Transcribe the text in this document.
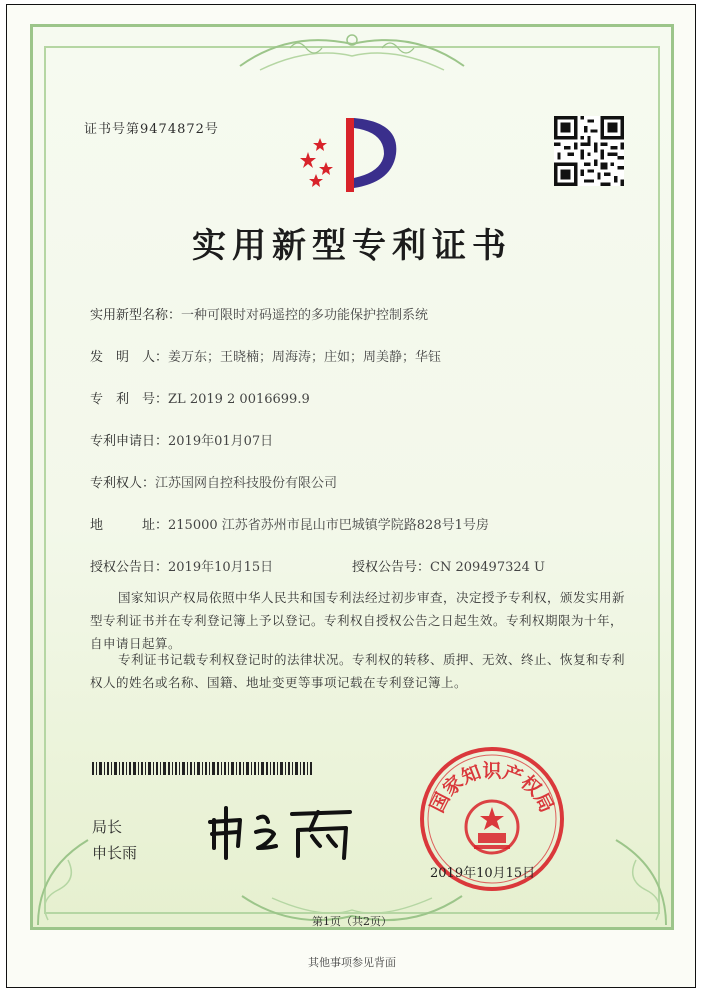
证书号第9474872号
实用新型专利证书
实用新型名称：一种可限时对码遥控的多功能保护控制系统
发　明　人：姜万东；王晓楠；周海涛；庄如；周美静；华钰
专　利　号：ZL 2019 2 0016699.9
专利申请日：2019年01月07日
专利权人：江苏国网自控科技股份有限公司
地　　　址：215000 江苏省苏州市昆山市巴城镇学院路828号1号房
授权公告日：2019年10月15日	授权公告号：CN 209497324 U
国家知识产权局依照中华人民共和国专利法经过初步审查，决定授予专利权，颁发实用新型专利证书并在专利登记簿上予以登记。专利权自授权公告之日起生效。专利权期限为十年，自申请日起算。
专利证书记载专利权登记时的法律状况。专利权的转移、质押、无效、终止、恢复和专利权人的姓名或名称、国籍、地址变更等事项记载在专利登记簿上。
局长
申长雨
国家知识产权局
2019年10月15日
第1页（共2页）
其他事项参见背面
